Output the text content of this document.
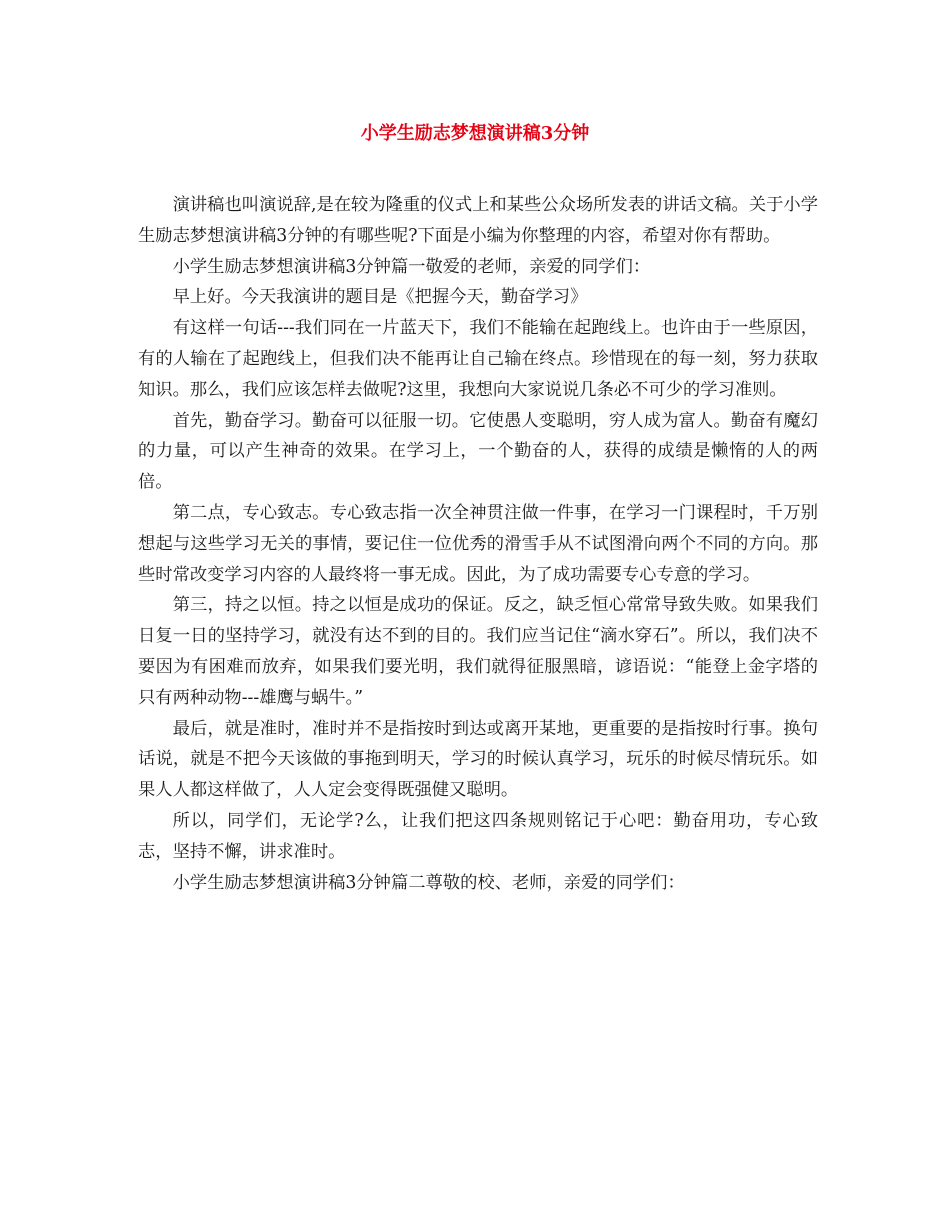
小学生励志梦想演讲稿3分钟

演讲稿也叫演说辞,是在较为隆重的仪式上和某些公众场所发表的讲话文稿。关于小学生励志梦想演讲稿3分钟的有哪些呢?下面是小编为你整理的内容，希望对你有帮助。

小学生励志梦想演讲稿3分钟篇一敬爱的老师，亲爱的同学们：

早上好。今天我演讲的题目是《把握今天，勤奋学习》

有这样一句话---我们同在一片蓝天下，我们不能输在起跑线上。也许由于一些原因，有的人输在了起跑线上，但我们决不能再让自己输在终点。珍惜现在的每一刻，努力获取知识。那么，我们应该怎样去做呢?这里，我想向大家说说几条必不可少的学习准则。

首先，勤奋学习。勤奋可以征服一切。它使愚人变聪明，穷人成为富人。勤奋有魔幻的力量，可以产生神奇的效果。在学习上，一个勤奋的人，获得的成绩是懒惰的人的两倍。

第二点，专心致志。专心致志指一次全神贯注做一件事，在学习一门课程时，千万别想起与这些学习无关的事情，要记住一位优秀的滑雪手从不试图滑向两个不同的方向。那些时常改变学习内容的人最终将一事无成。因此，为了成功需要专心专意的学习。

第三，持之以恒。持之以恒是成功的保证。反之，缺乏恒心常常导致失败。如果我们日复一日的坚持学习，就没有达不到的目的。我们应当记住“滴水穿石”。所以，我们决不要因为有困难而放弃，如果我们要光明，我们就得征服黑暗，谚语说：“能登上金字塔的只有两种动物---雄鹰与蜗牛。”

最后，就是准时，准时并不是指按时到达或离开某地，更重要的是指按时行事。换句话说，就是不把今天该做的事拖到明天，学习的时候认真学习，玩乐的时候尽情玩乐。如果人人都这样做了，人人定会变得既强健又聪明。

所以，同学们，无论学?么，让我们把这四条规则铭记于心吧：勤奋用功，专心致志，坚持不懈，讲求准时。

小学生励志梦想演讲稿3分钟篇二尊敬的校、老师，亲爱的同学们：
